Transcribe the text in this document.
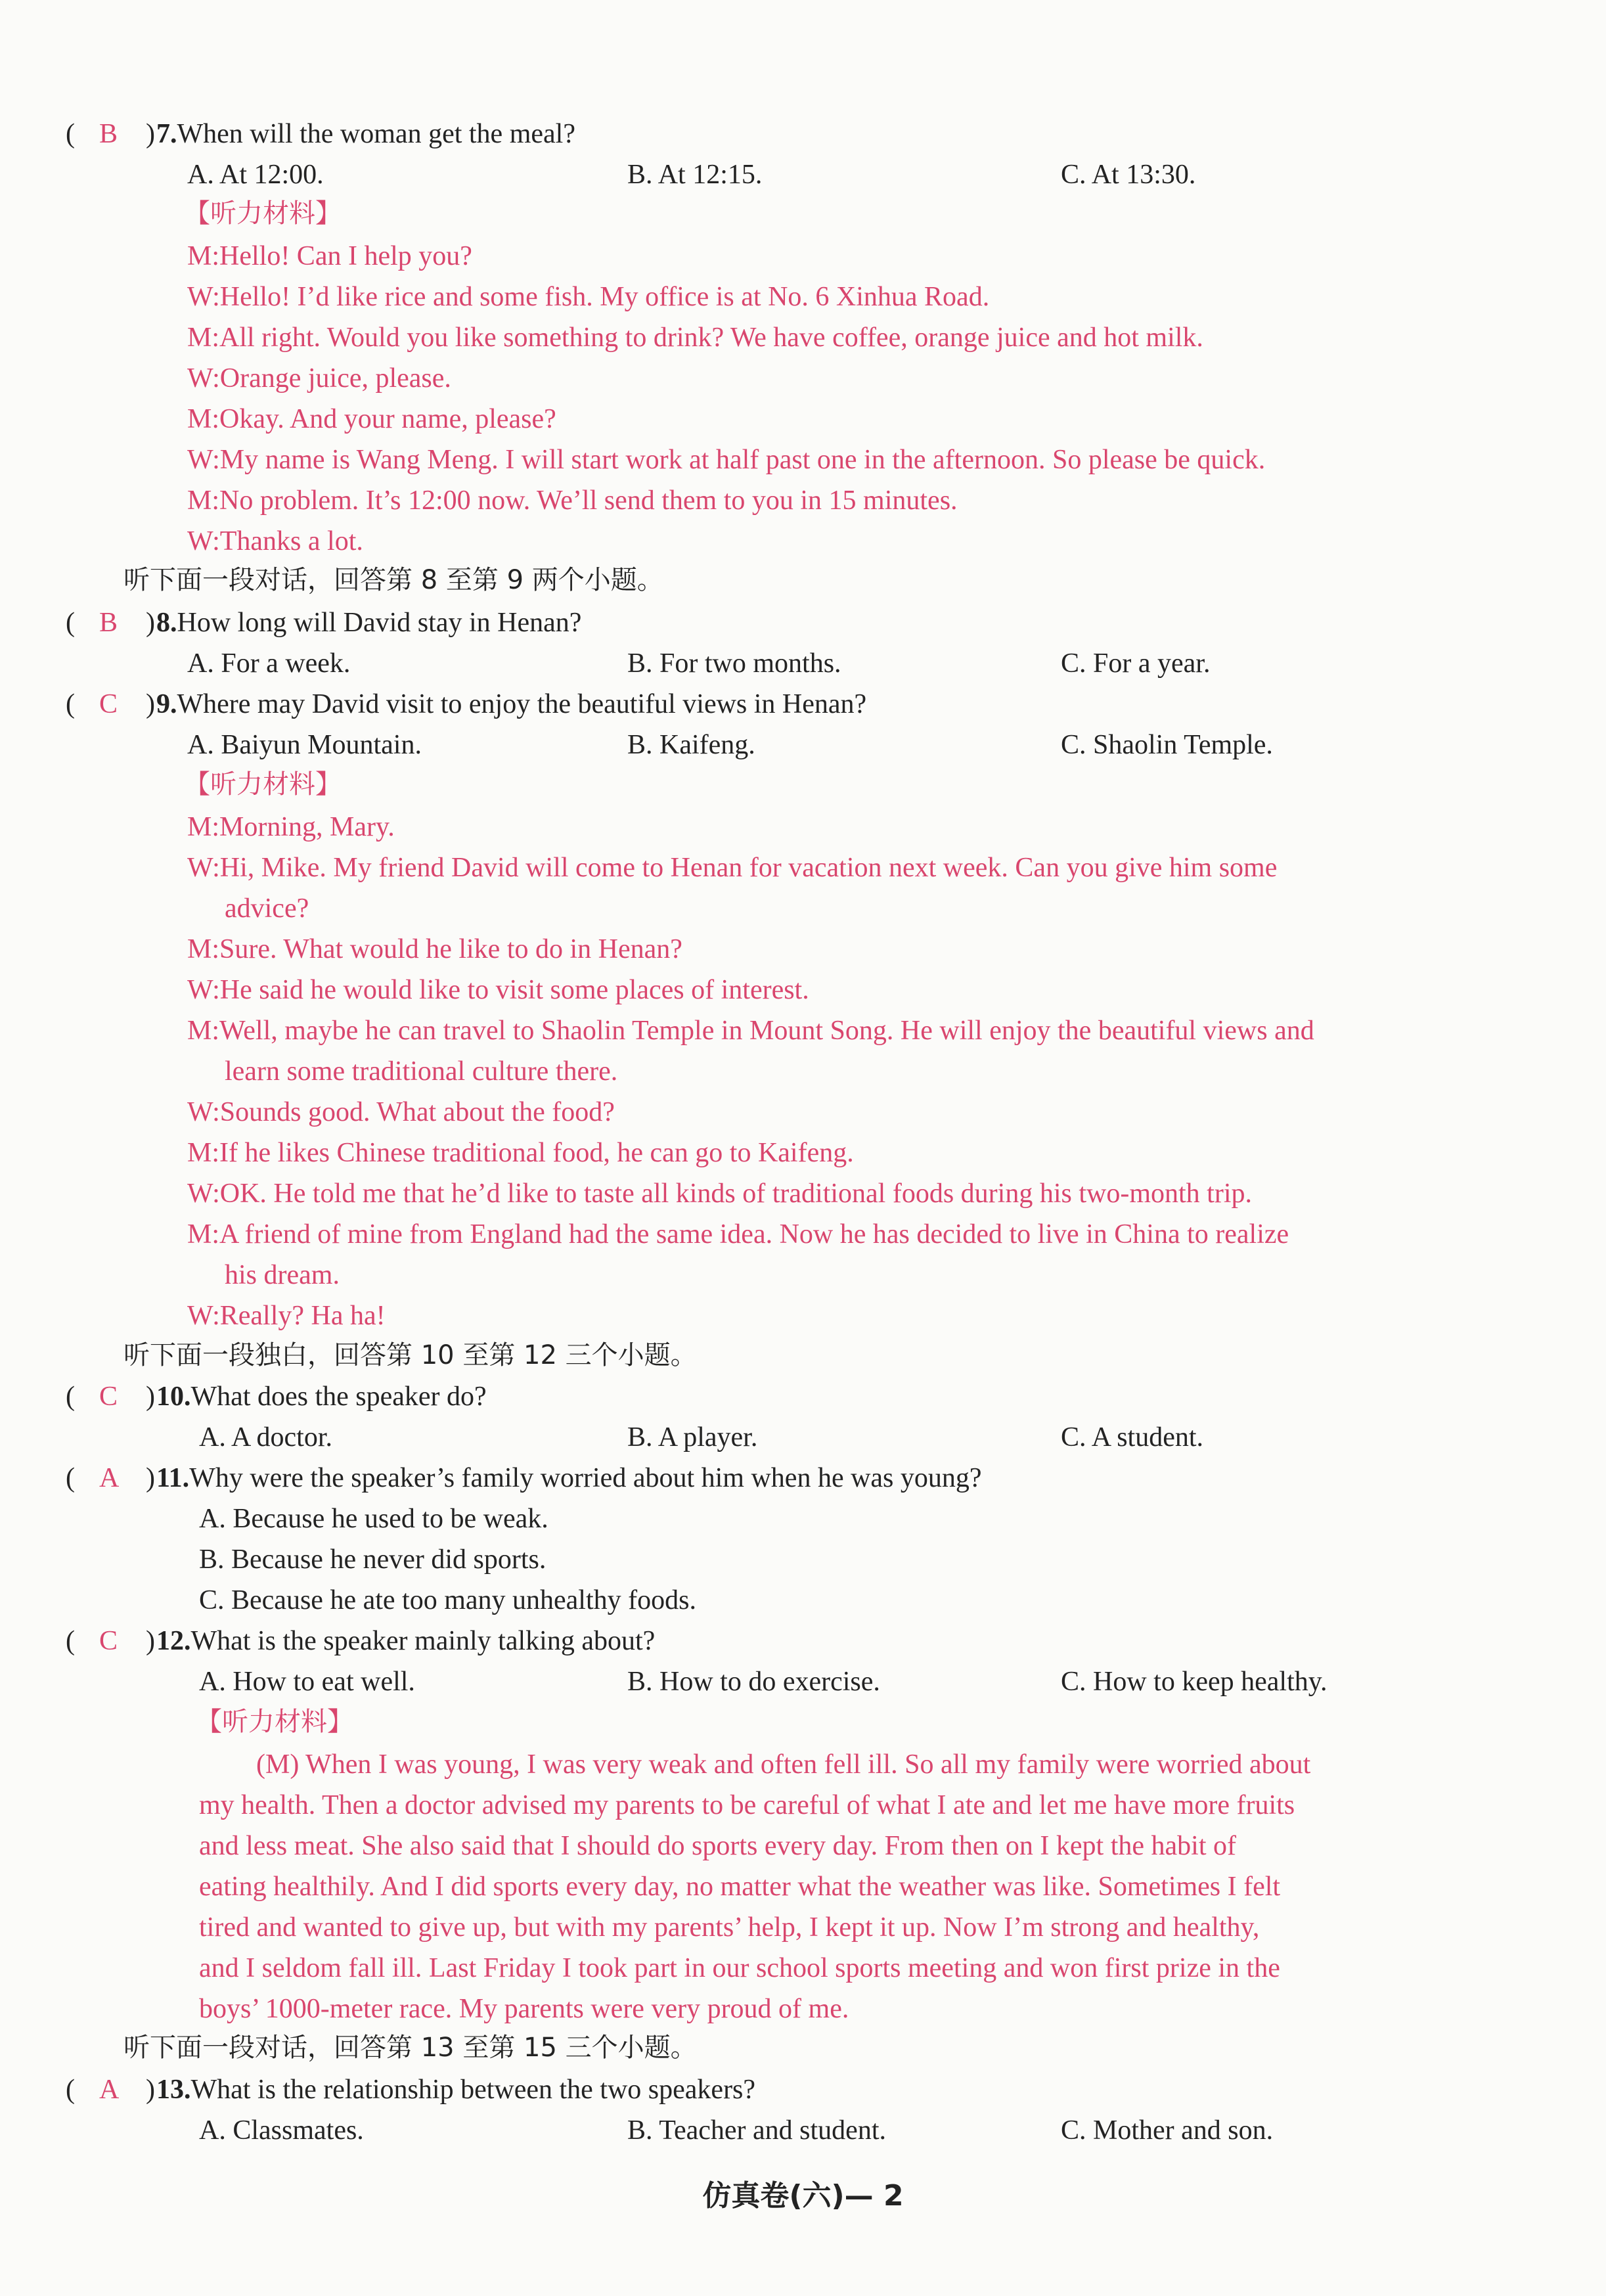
( B ) 7.When will the woman get the meal?
A. At 12:00.	B. At 12:15.	C. At 13:30.
【听力材料】
M:Hello! Can I help you?
W:Hello! I’d like rice and some fish. My office is at No. 6 Xinhua Road.
M:All right. Would you like something to drink? We have coffee, orange juice and hot milk.
W:Orange juice, please.
M:Okay. And your name, please?
W:My name is Wang Meng. I will start work at half past one in the afternoon. So please be quick.
M:No problem. It’s 12:00 now. We’ll send them to you in 15 minutes.
W:Thanks a lot.
听下面一段对话，回答第 8 至第 9 两个小题。
( B ) 8.How long will David stay in Henan?
A. For a week.	B. For two months.	C. For a year.
( C ) 9.Where may David visit to enjoy the beautiful views in Henan?
A. Baiyun Mountain.	B. Kaifeng.	C. Shaolin Temple.
【听力材料】
M:Morning, Mary.
W:Hi, Mike. My friend David will come to Henan for vacation next week. Can you give him some
advice?
M:Sure. What would he like to do in Henan?
W:He said he would like to visit some places of interest.
M:Well, maybe he can travel to Shaolin Temple in Mount Song. He will enjoy the beautiful views and
learn some traditional culture there.
W:Sounds good. What about the food?
M:If he likes Chinese traditional food, he can go to Kaifeng.
W:OK. He told me that he’d like to taste all kinds of traditional foods during his two-month trip.
M:A friend of mine from England had the same idea. Now he has decided to live in China to realize
his dream.
W:Really? Ha ha!
听下面一段独白，回答第 10 至第 12 三个小题。
( C ) 10.What does the speaker do?
A. A doctor.	B. A player.	C. A student.
( A ) 11.Why were the speaker’s family worried about him when he was young?
A. Because he used to be weak.
B. Because he never did sports.
C. Because he ate too many unhealthy foods.
( C ) 12.What is the speaker mainly talking about?
A. How to eat well.	B. How to do exercise.	C. How to keep healthy.
【听力材料】
(M) When I was young, I was very weak and often fell ill. So all my family were worried about
my health. Then a doctor advised my parents to be careful of what I ate and let me have more fruits
and less meat. She also said that I should do sports every day. From then on I kept the habit of
eating healthily. And I did sports every day, no matter what the weather was like. Sometimes I felt
tired and wanted to give up, but with my parents’ help, I kept it up. Now I’m strong and healthy,
and I seldom fall ill. Last Friday I took part in our school sports meeting and won first prize in the
boys’ 1000-meter race. My parents were very proud of me.
听下面一段对话，回答第 13 至第 15 三个小题。
( A ) 13.What is the relationship between the two speakers?
A. Classmates.	B. Teacher and student.	C. Mother and son.
仿真卷(六)— 2
